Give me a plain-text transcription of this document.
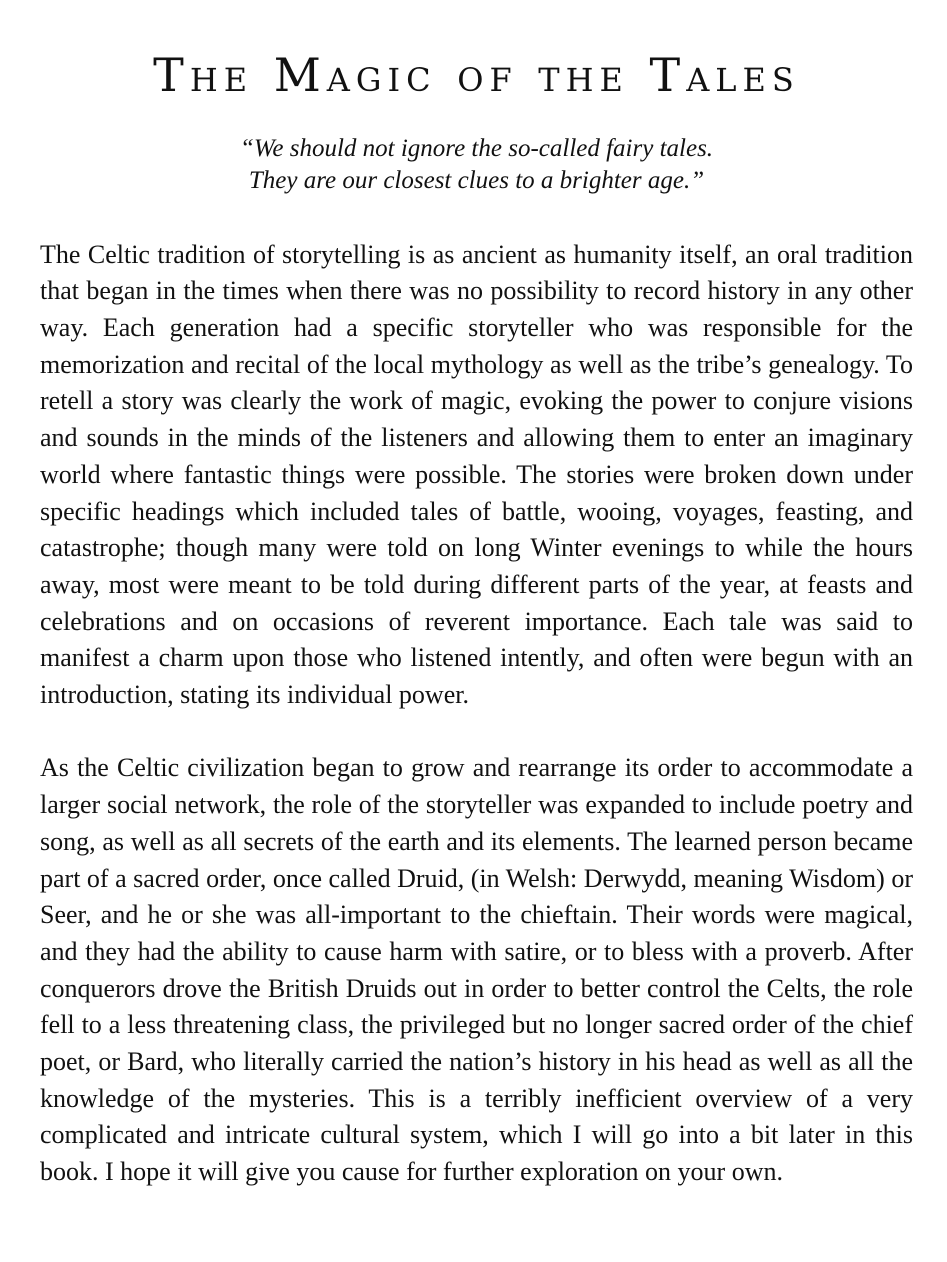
The Magic of the Tales
“We should not ignore the so-called fairy tales.
They are our closest clues to a brighter age.”

The Celtic tradition of storytelling is as ancient as humanity itself, an oral tradition that began in the times when there was no possibility to record history in any other way. Each generation had a specific storyteller who was responsible for the memorization and recital of the local mythology as well as the tribe’s genealogy. To retell a story was clearly the work of magic, evoking the power to conjure visions and sounds in the minds of the listeners and allowing them to enter an imaginary world where fantastic things were possible. The stories were broken down under specific headings which included tales of battle, wooing, voyages, feasting, and catastrophe; though many were told on long Winter evenings to while the hours away, most were meant to be told during different parts of the year, at feasts and celebrations and on occasions of reverent importance. Each tale was said to manifest a charm upon those who listened intently, and often were begun with an introduction, stating its individual power.

As the Celtic civilization began to grow and rearrange its order to accommodate a larger social network, the role of the storyteller was expanded to include poetry and song, as well as all secrets of the earth and its elements. The learned person became part of a sacred order, once called Druid, (in Welsh: Derwydd, meaning Wisdom) or Seer, and he or she was all-important to the chieftain. Their words were magical, and they had the ability to cause harm with satire, or to bless with a proverb. After conquerors drove the British Druids out in order to better control the Celts, the role fell to a less threatening class, the privileged but no longer sacred order of the chief poet, or Bard, who literally carried the nation’s history in his head as well as all the knowledge of the mysteries. This is a terribly inefficient overview of a very complicated and intricate cultural system, which I will go into a bit later in this book. I hope it will give you cause for further exploration on your own.
